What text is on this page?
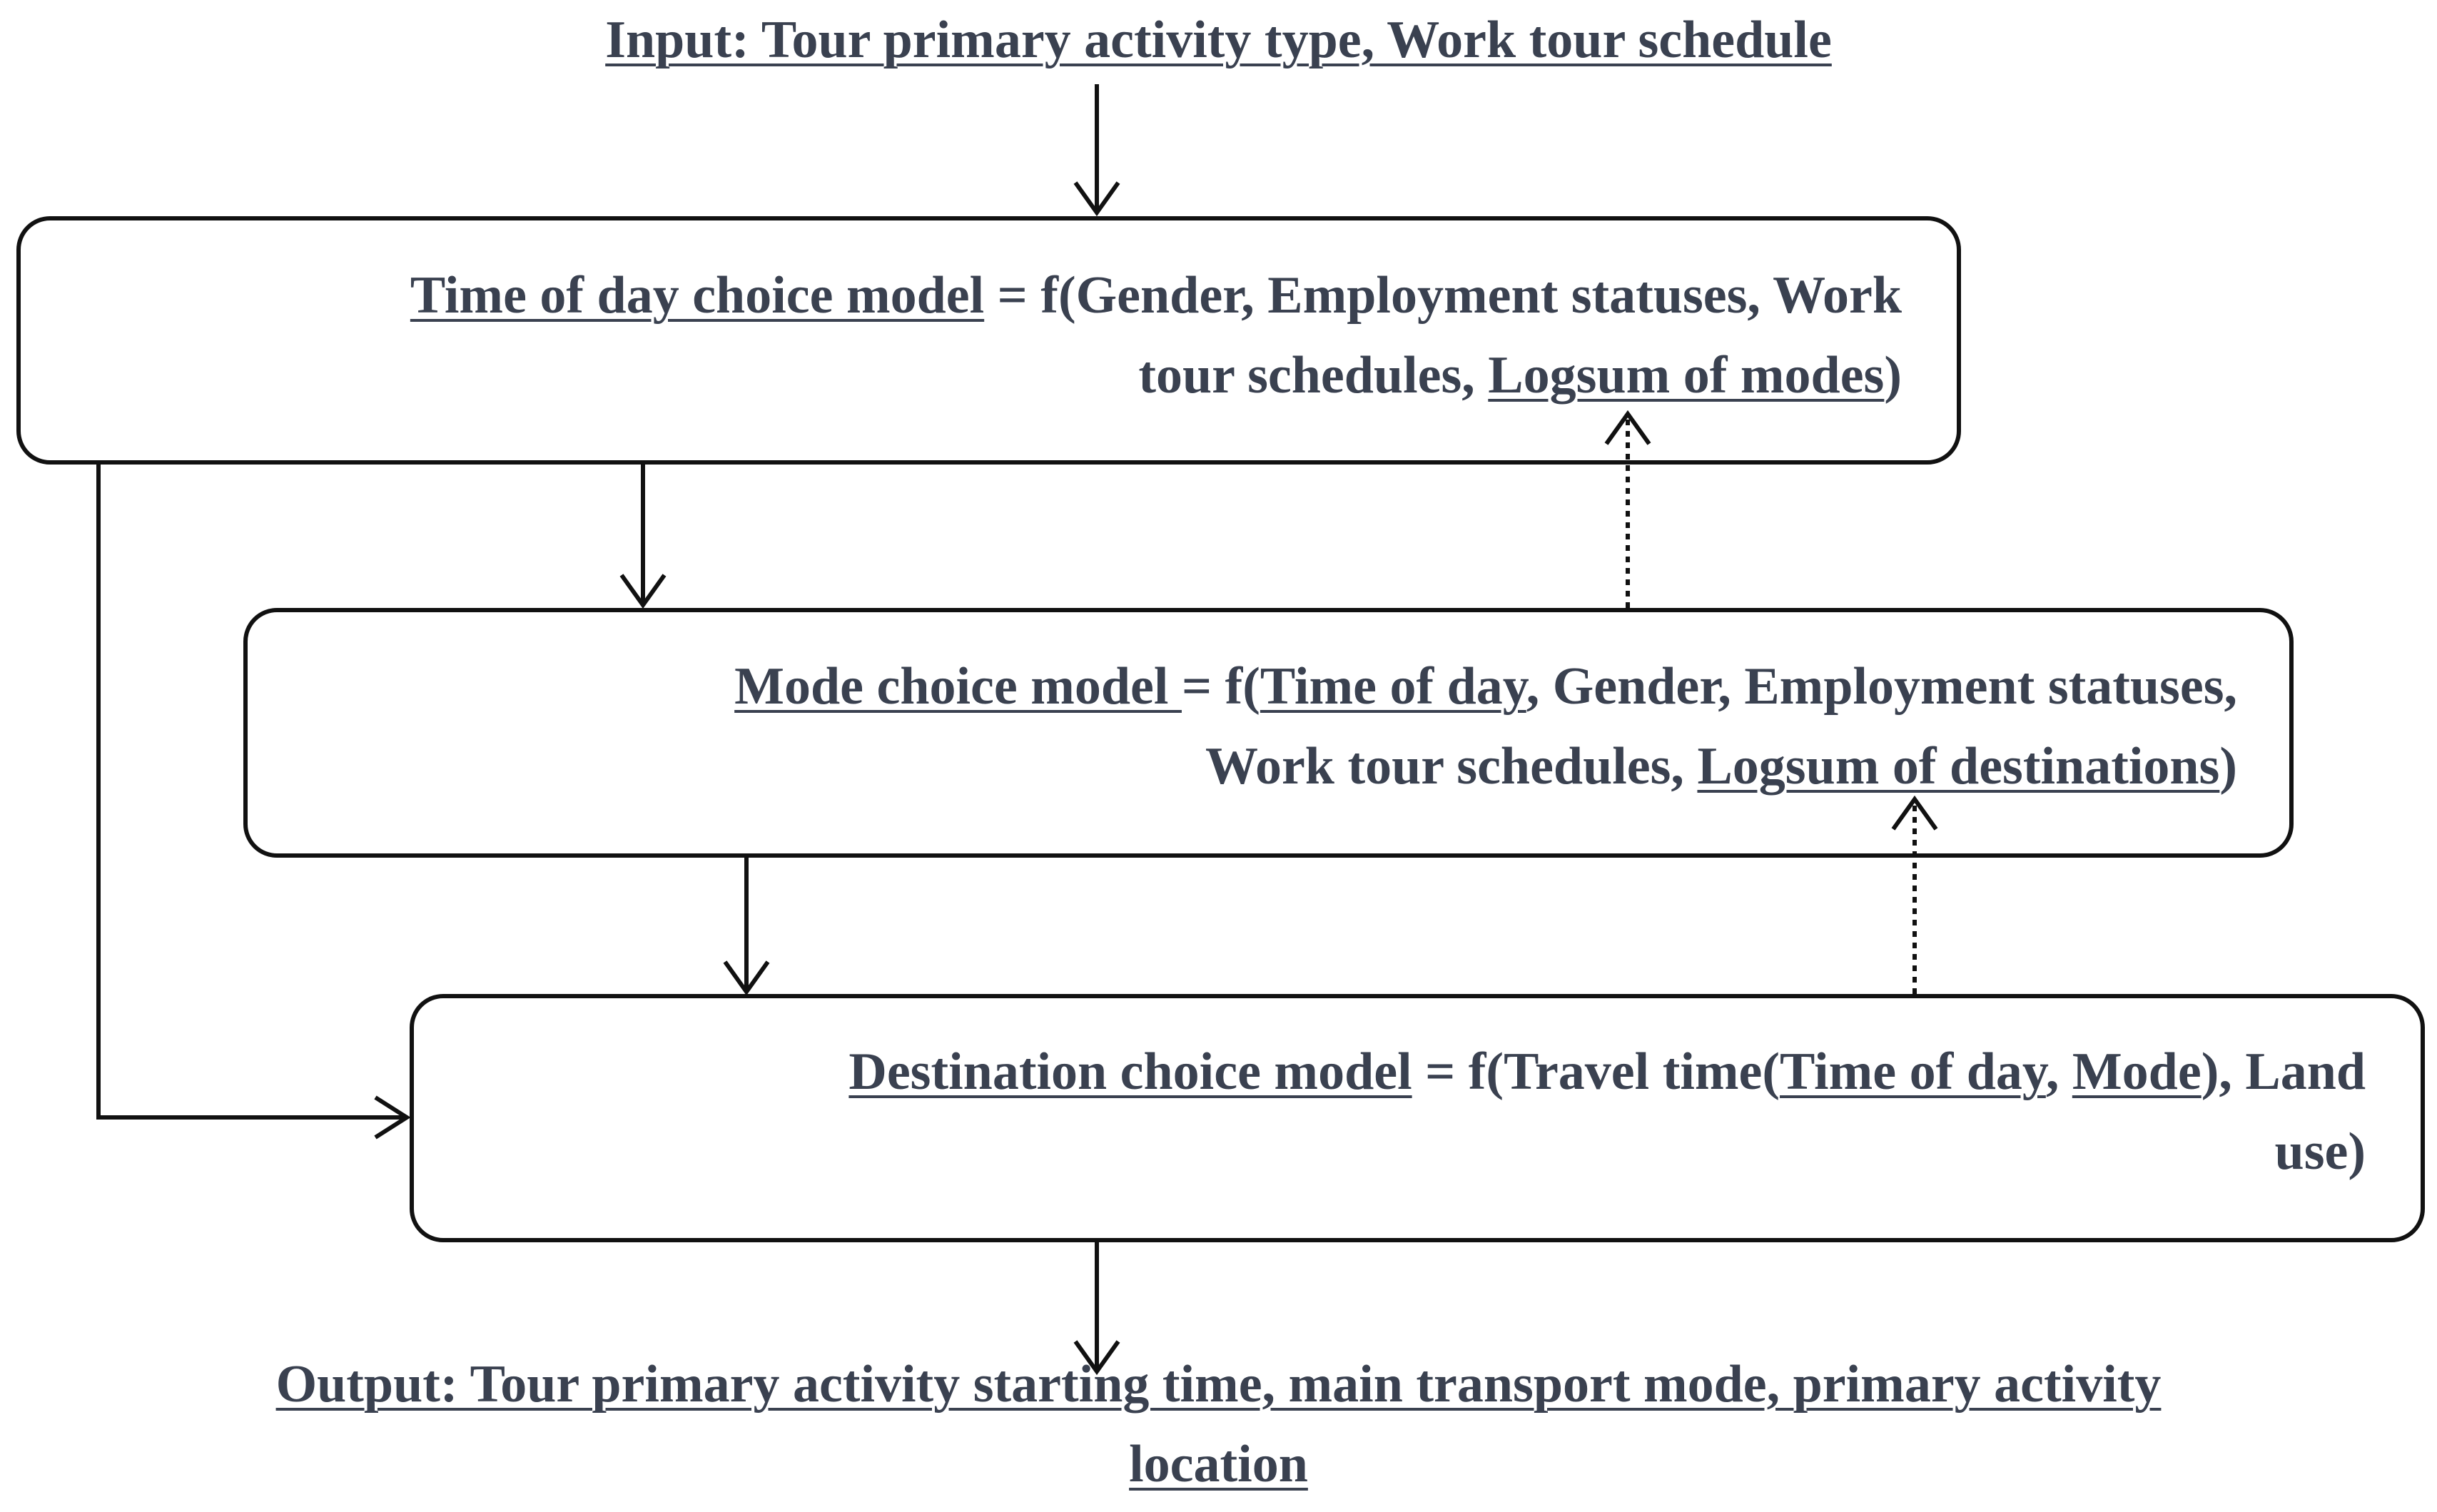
Input: Tour primary activity type, Work tour schedule
Time of day choice model = f(Gender, Employment statuses, Work
tour schedules, Logsum of modes)
Mode choice model = f(Time of day, Gender, Employment statuses,
Work tour schedules, Logsum of destinations)
Destination choice model = f(Travel time(Time of day, Mode), Land
use)
Output: Tour primary activity starting time, main transport mode, primary activity
location
